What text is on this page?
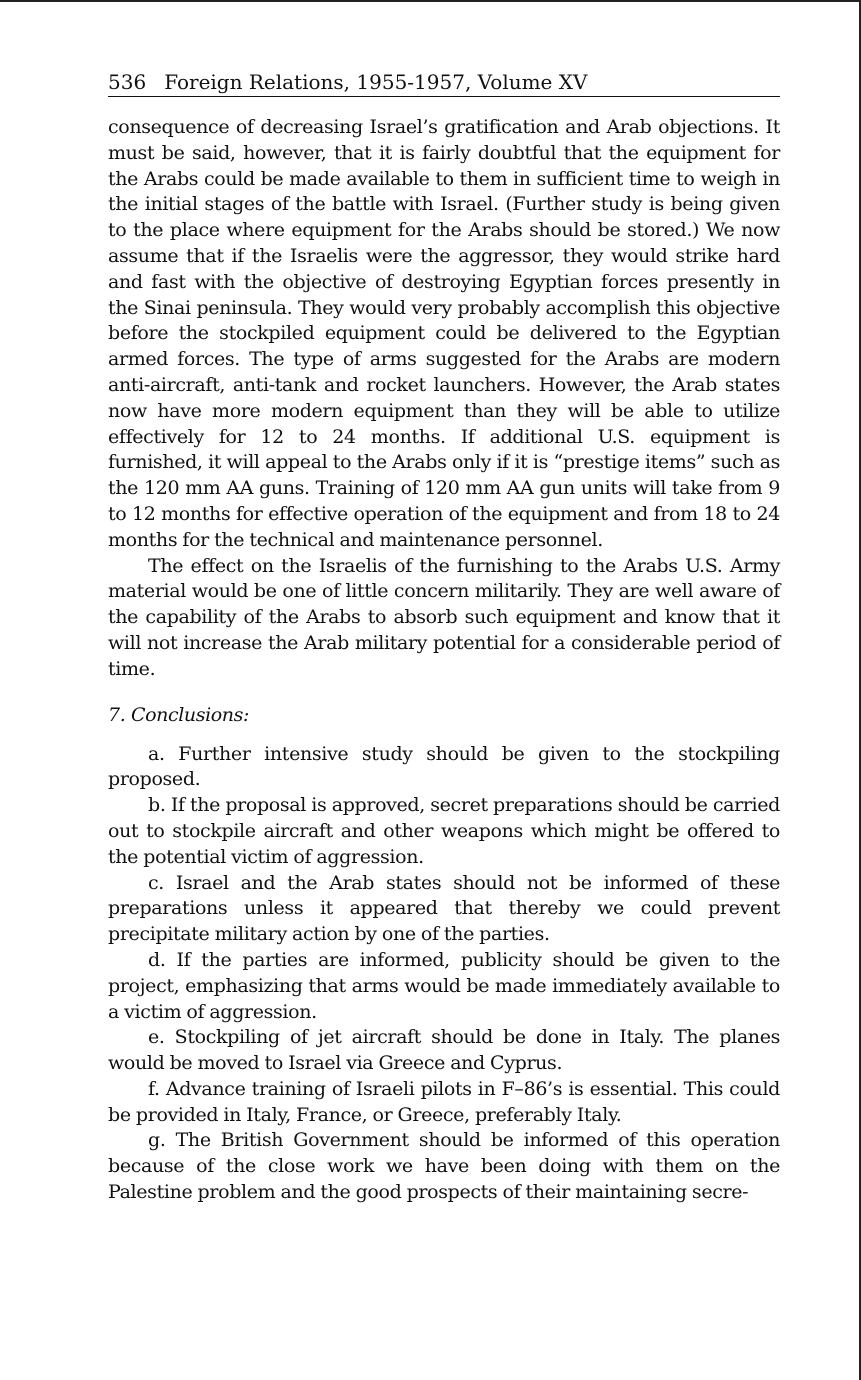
536 Foreign Relations, 1955-1957, Volume XV

consequence of decreasing Israel’s gratification and Arab objections. It must be said, however, that it is fairly doubtful that the equipment for the Arabs could be made available to them in sufficient time to weigh in the initial stages of the battle with Israel. (Further study is being given to the place where equipment for the Arabs should be stored.) We now assume that if the Israelis were the aggressor, they would strike hard and fast with the objective of destroying Egyptian forces presently in the Sinai peninsula. They would very probably accomplish this objective before the stockpiled equipment could be delivered to the Egyptian armed forces. The type of arms suggested for the Arabs are modern anti-aircraft, anti-tank and rocket launchers. However, the Arab states now have more modern equipment than they will be able to utilize effectively for 12 to 24 months. If additional U.S. equipment is furnished, it will appeal to the Arabs only if it is “prestige items” such as the 120 mm AA guns. Training of 120 mm AA gun units will take from 9 to 12 months for effective operation of the equipment and from 18 to 24 months for the technical and maintenance personnel.

The effect on the Israelis of the furnishing to the Arabs U.S. Army material would be one of little concern militarily. They are well aware of the capability of the Arabs to absorb such equipment and know that it will not increase the Arab military potential for a considerable period of time.

7. Conclusions:

a. Further intensive study should be given to the stockpiling proposed.

b. If the proposal is approved, secret preparations should be carried out to stockpile aircraft and other weapons which might be offered to the potential victim of aggression.

c. Israel and the Arab states should not be informed of these preparations unless it appeared that thereby we could prevent precipitate military action by one of the parties.

d. If the parties are informed, publicity should be given to the project, emphasizing that arms would be made immediately available to a victim of aggression.

e. Stockpiling of jet aircraft should be done in Italy. The planes would be moved to Israel via Greece and Cyprus.

f. Advance training of Israeli pilots in F–86’s is essential. This could be provided in Italy, France, or Greece, preferably Italy.

g. The British Government should be informed of this operation because of the close work we have been doing with them on the Palestine problem and the good prospects of their maintaining secre-
